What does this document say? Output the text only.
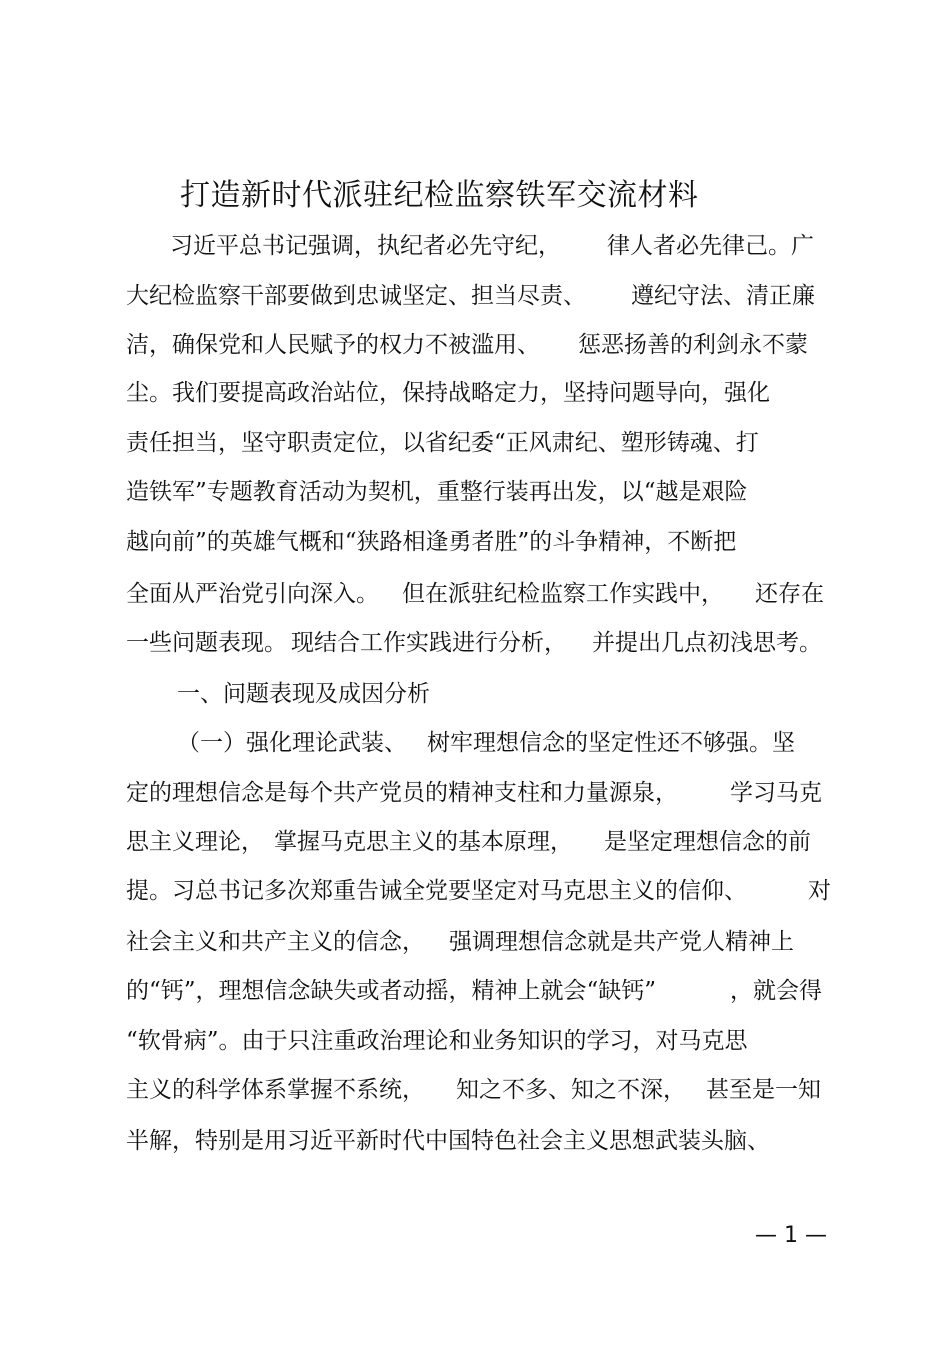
打造新时代派驻纪检监察铁军交流材料
习近平总书记强调，执纪者必先守纪， 律人者必先律己。广
大纪检监察干部要做到忠诚坚定、担当尽责、 遵纪守法、清正廉
洁，确保党和人民赋予的权力不被滥用、 惩恶扬善的利剑永不蒙
尘。我们要提高政治站位，保持战略定力，坚持问题导向，强化
责任担当，坚守职责定位，以省纪委“正风肃纪、塑形铸魂、打
造铁军”专题教育活动为契机，重整行装再出发，以“越是艰险
越向前”的英雄气概和“狭路相逢勇者胜”的斗争精神，不断把
全面从严治党引向深入。 但在派驻纪检监察工作实践中， 还存在
一些问题表现。 现结合工作实践进行分析， 并提出几点初浅思考。
一、问题表现及成因分析
（一）强化理论武装、 树牢理想信念的坚定性还不够强。坚
定的理想信念是每个共产党员的精神支柱和力量源泉， 学习马克
思主义理论， 掌握马克思主义的基本原理， 是坚定理想信念的前
提。习总书记多次郑重告诫全党要坚定对马克思主义的信仰、	对
社会主义和共产主义的信念， 强调理想信念就是共产党人精神上
的“钙”，理想信念缺失或者动摇，精神上就会“缺钙”	，就会得
“软骨病”。由于只注重政治理论和业务知识的学习，对马克思
主义的科学体系掌握不系统， 知之不多、知之不深， 甚至是一知
半解，特别是用习近平新时代中国特色社会主义思想武装头脑、
— 1 —
